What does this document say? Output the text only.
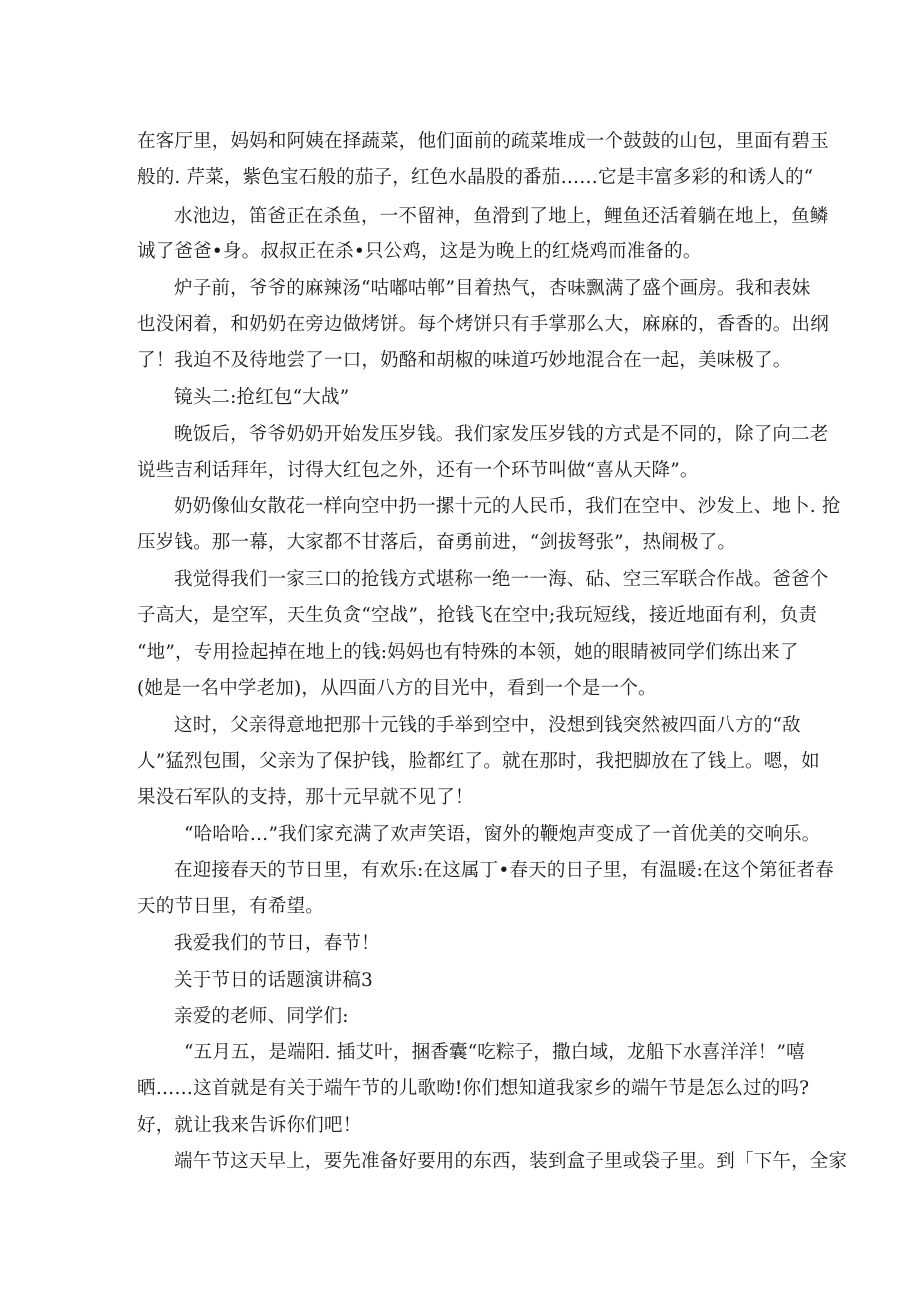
在客厅里，妈妈和阿姨在择蔬菜，他们面前的疏菜堆成一个鼓鼓的山包，里面有碧玉
般的. 芹菜，紫色宝石般的茄子，红色水晶股的番茄……它是丰富多彩的和诱人的“
水池边，笛爸正在杀鱼，一不留神，鱼滑到了地上，鲤鱼还活着躺在地上，鱼鳞
诚了爸爸•身。叔叔正在杀•只公鸡，这是为晚上的红烧鸡而准备的。
炉子前，爷爷的麻辣汤“咕嘟咕郸”目着热气，杏味飘满了盛个画房。我和表妹
也没闲着，和奶奶在旁边做烤饼。每个烤饼只有手掌那么大，麻麻的，香香的。出纲
了！我迫不及待地尝了一口，奶酪和胡椒的味道巧妙地混合在一起，美味极了。
镜头二:抢红包“大战”
晚饭后，爷爷奶奶开始发压岁钱。我们家发压岁钱的方式是不同的，除了向二老
说些吉利话拜年，讨得大红包之外，还有一个环节叫做“喜从天降”。
奶奶像仙女散花一样向空中扔一摞十元的人民币，我们在空中、沙发上、地卜. 抢
压岁钱。那一幕，大家都不甘落后，奋勇前进，“剑拔弩张”，热闹极了。
我觉得我们一家三口的抢钱方式堪称一绝一一海、砧、空三军联合作战。爸爸个
子高大，是空军，天生负贪“空战”，抢钱飞在空中;我玩短线，接近地面有利，负责
“地”，专用捡起掉在地上的钱:妈妈也有特殊的本领，她的眼睛被同学们练出来了
(她是一名中学老加)，从四面八方的目光中，看到一个是一个。
这时，父亲得意地把那十元钱的手举到空中，没想到钱突然被四面八方的“敌
人”猛烈包围，父亲为了保护钱，脸都红了。就在那时，我把脚放在了钱上。嗯，如
果没石军队的支持，那十元早就不见了！
“哈哈哈…”我们家充满了欢声笑语，窗外的鞭炮声变成了一首优美的交响乐。
在迎接春天的节日里，有欢乐:在这属丁•春天的日子里，有温暖:在这个第征者春
天的节日里，有希望。
我爱我们的节日，春节！
关于节日的话题演讲稿3
亲爱的老师、同学们:
“五月五，是端阳. 插艾叶，捆香囊“吃粽子，撒白域，龙船下水喜洋洋！”嘻
晒……这首就是有关于端午节的儿歌呦!你们想知道我家乡的端午节是怎么过的吗?
好，就让我来告诉你们吧！
端午节这天早上，要先准备好要用的东西，装到盒子里或袋子里。到「下午，全家
